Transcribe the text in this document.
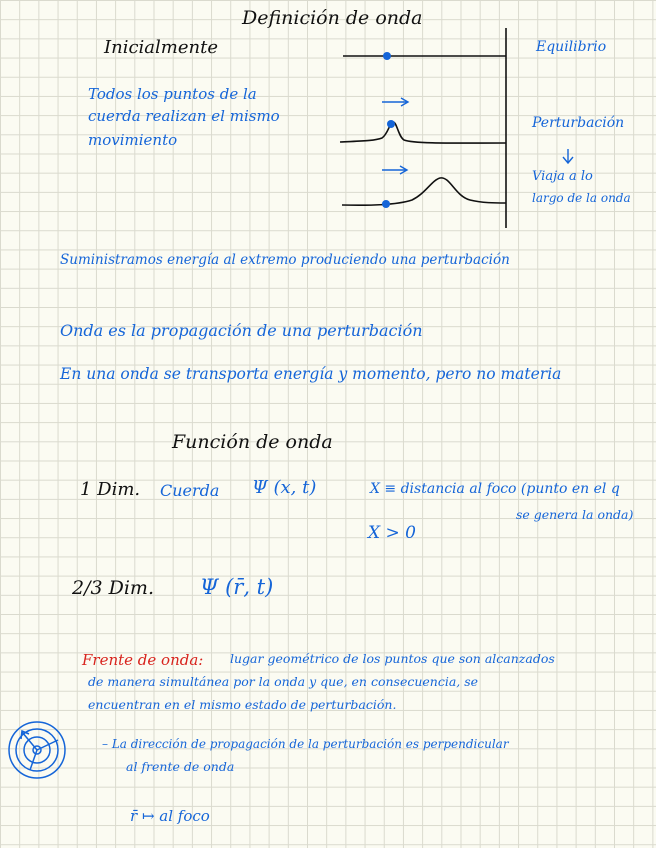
Definición de onda
Inicialmente
Todos los puntos de la
cuerda realizan el mismo
movimiento
Equilibrio
Perturbación
Viaja a lo
largo de la onda
Suministramos energía al extremo produciendo una perturbación
Onda es la propagación de una perturbación
En una onda se transporta energía y momento, pero no materia
Función de onda
1 Dim. Cuerda Ψ (x, t)	X ≡ distancia al foco (punto en el q
se genera la onda)
X > 0
2/3 Dim. Ψ (r̄, t)
Frente de onda: lugar geométrico de los puntos que son alcanzados
de manera simultánea por la onda y que, en consecuencia, se
encuentran en el mismo estado de perturbación.
– La dirección de propagación de la perturbación es perpendicular
al frente de onda
r̄ ↦ al foco
